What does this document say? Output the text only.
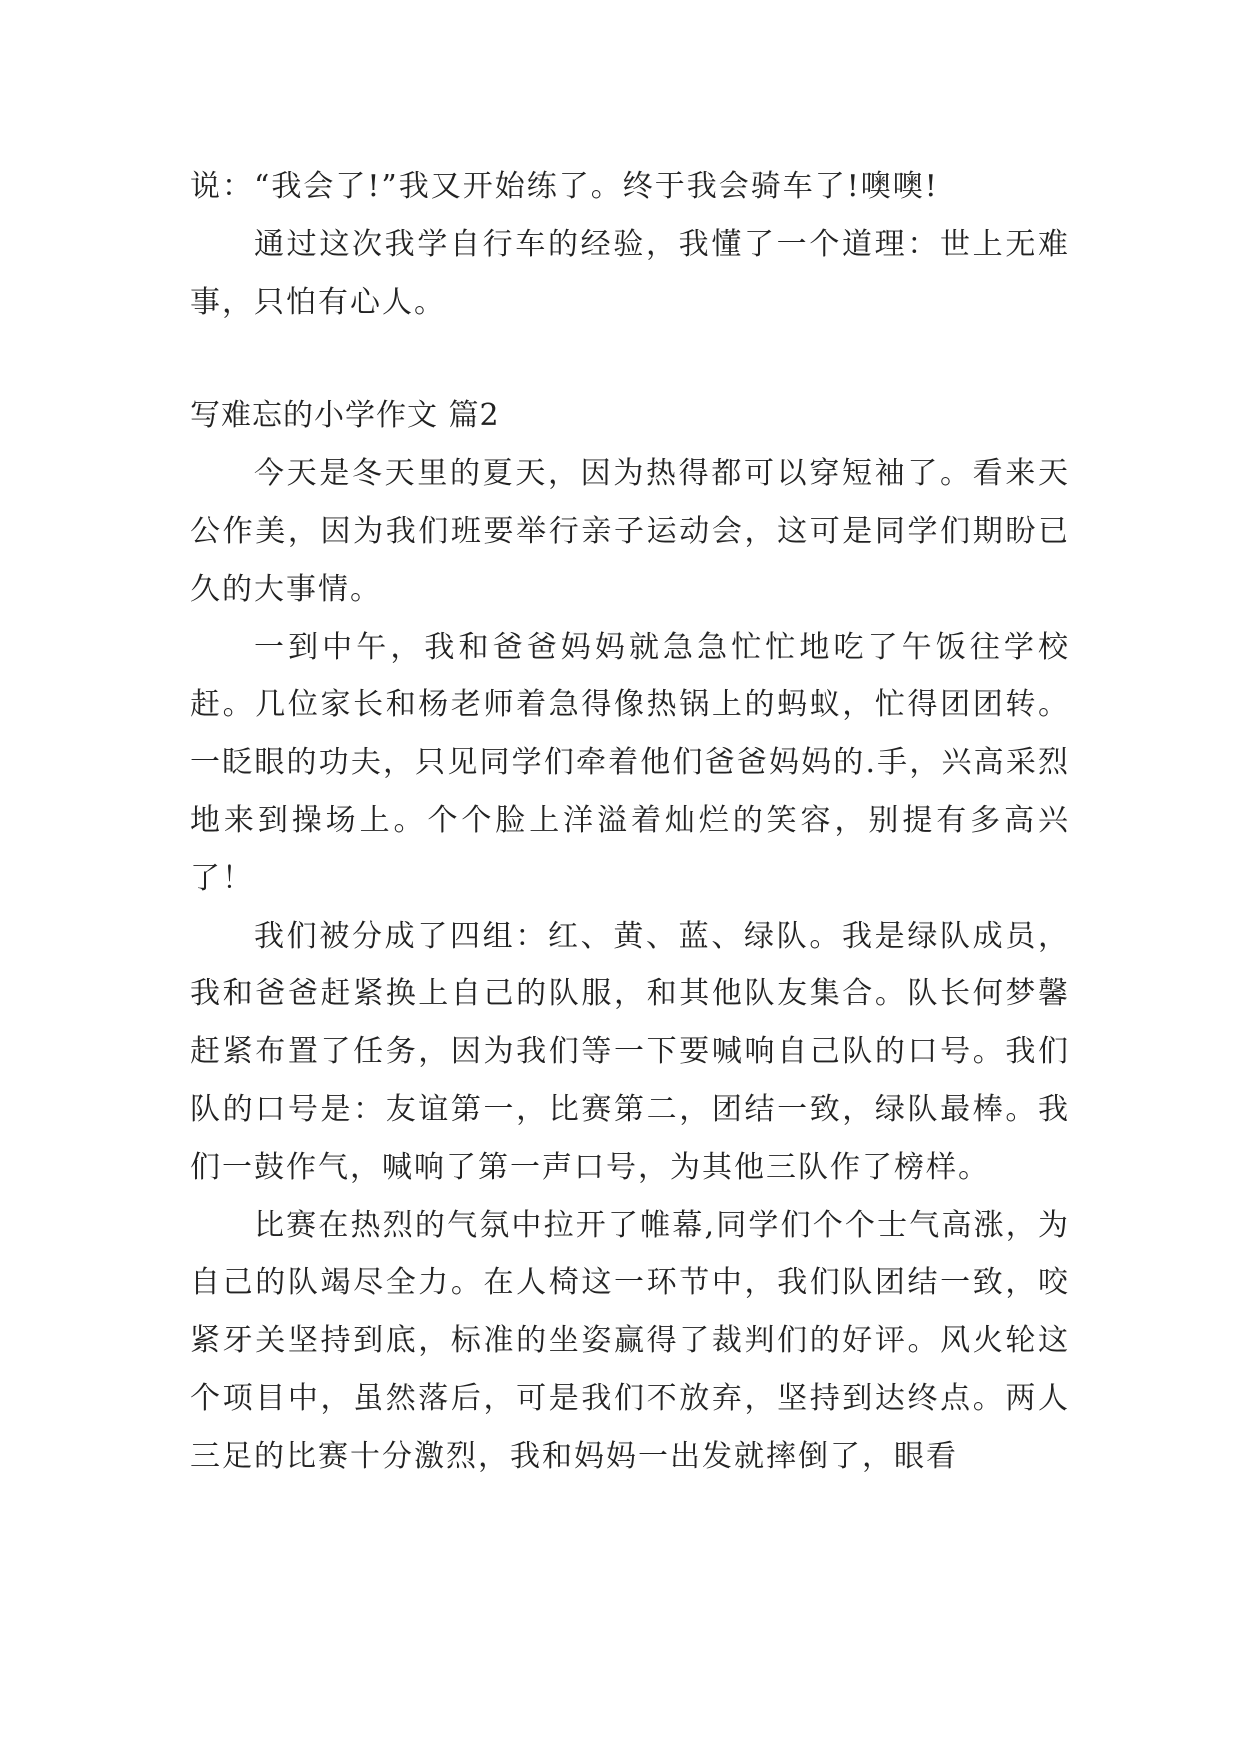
说：“我会了!”我又开始练了。终于我会骑车了!噢噢!

通过这次我学自行车的经验，我懂了一个道理：世上无难事，只怕有心人。

写难忘的小学作文 篇2

今天是冬天里的夏天，因为热得都可以穿短袖了。看来天公作美，因为我们班要举行亲子运动会，这可是同学们期盼已久的大事情。

一到中午，我和爸爸妈妈就急急忙忙地吃了午饭往学校赶。几位家长和杨老师着急得像热锅上的蚂蚁，忙得团团转。一眨眼的功夫，只见同学们牵着他们爸爸妈妈的.手，兴高采烈地来到操场上。个个脸上洋溢着灿烂的笑容，别提有多高兴了！

我们被分成了四组：红、黄、蓝、绿队。我是绿队成员，我和爸爸赶紧换上自己的队服，和其他队友集合。队长何梦馨赶紧布置了任务，因为我们等一下要喊响自己队的口号。我们队的口号是：友谊第一，比赛第二，团结一致，绿队最棒。我们一鼓作气，喊响了第一声口号，为其他三队作了榜样。

比赛在热烈的气氛中拉开了帷幕,同学们个个士气高涨，为自己的队竭尽全力。在人椅这一环节中，我们队团结一致，咬紧牙关坚持到底，标准的坐姿赢得了裁判们的好评。风火轮这个项目中，虽然落后，可是我们不放弃，坚持到达终点。两人三足的比赛十分激烈，我和妈妈一出发就摔倒了，眼看
